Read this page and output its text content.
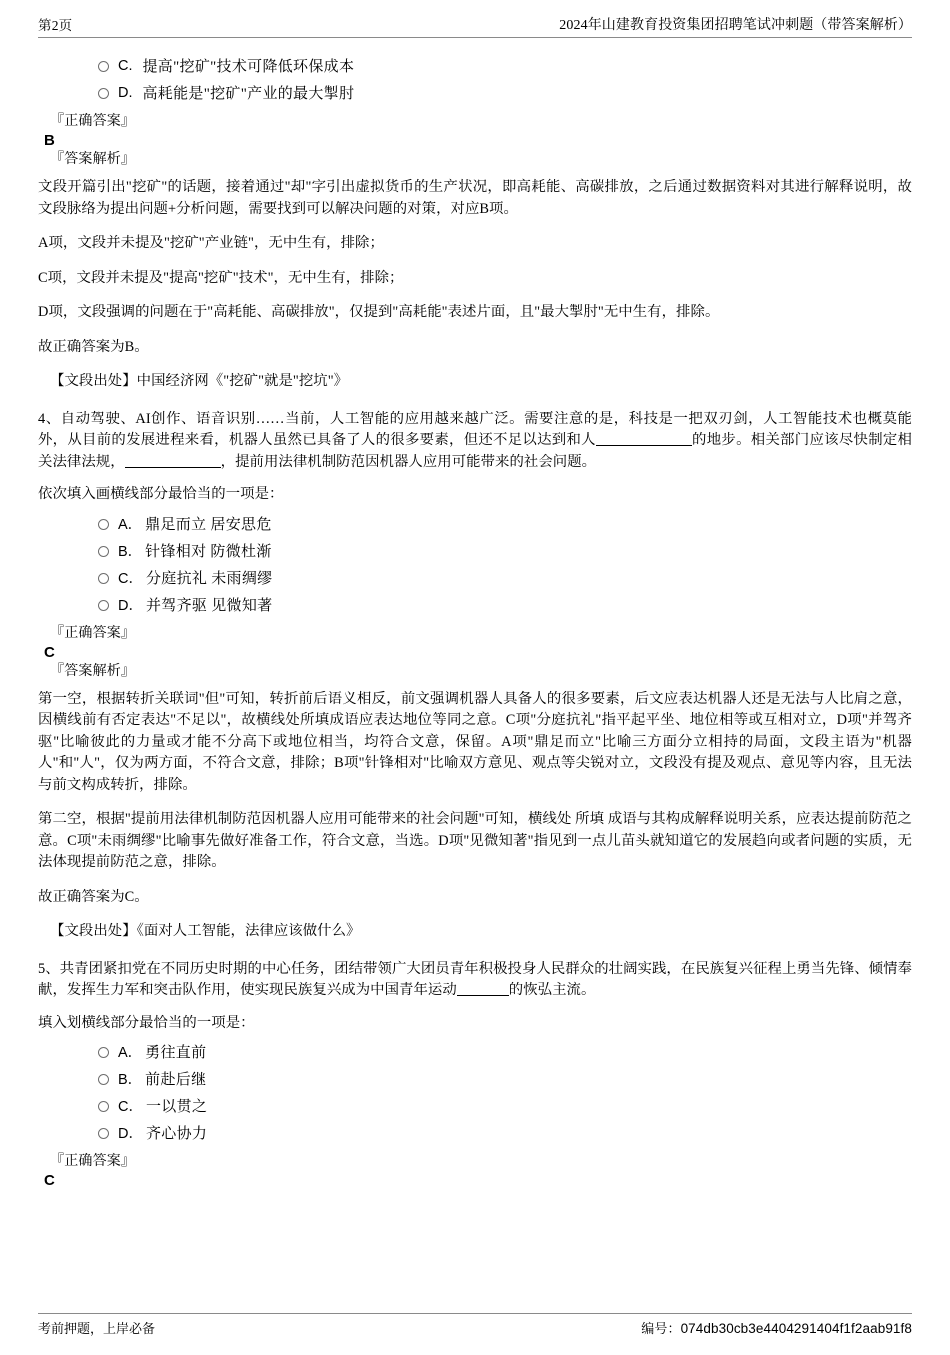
第2页	2024年山建教育投资集团招聘笔试冲刺题（带答案解析）
C. 提高"挖矿"技术可降低环保成本
D. 高耗能是"挖矿"产业的最大掣肘
『正确答案』
B
『答案解析』

文段开篇引出"挖矿"的话题，接着通过"却"字引出虚拟货币的生产状况，即高耗能、高碳排放，之后通过数据资料对其进行解释说明，故文段脉络为提出问题+分析问题，需要找到可以解决问题的对策，对应B项。

A项，文段并未提及"挖矿"产业链"，无中生有，排除；

C项，文段并未提及"提高"挖矿"技术"，无中生有，排除；

D项，文段强调的问题在于"高耗能、高碳排放"，仅提到"高耗能"表述片面，且"最大掣肘"无中生有，排除。

故正确答案为B。

【文段出处】中国经济网《"挖矿"就是"挖坑"》

4、自动驾驶、AI创作、语音识别……当前，人工智能的应用越来越广泛。需要注意的是，科技是一把双刃剑，人工智能技术也概莫能外，从目前的发展进程来看，机器人虽然已具备了人的很多要素，但还不足以达到和人	的地步。相关部门应该尽快制定相关法律法规，	，提前用法律机制防范因机器人应用可能带来的社会问题。

依次填入画横线部分最恰当的一项是：

A． 鼎足而立 居安思危
B． 针锋相对 防微杜渐
C． 分庭抗礼 未雨绸缪
D． 并驾齐驱 见微知著
『正确答案』
C
『答案解析』

第一空，根据转折关联词"但"可知，转折前后语义相反，前文强调机器人具备人的很多要素，后文应表达机器人还是无法与人比肩之意，因横线前有否定表达"不足以"，故横线处所填成语应表达地位等同之意。C项"分庭抗礼"指平起平坐、地位相等或互相对立，D项"并驾齐驱"比喻彼此的力量或才能不分高下或地位相当，均符合文意，保留。A项"鼎足而立"比喻三方面分立相持的局面，文段主语为"机器人"和"人"，仅为两方面，不符合文意，排除；B项"针锋相对"比喻双方意见、观点等尖锐对立，文段没有提及观点、意见等内容，且无法与前文构成转折，排除。

第二空，根据"提前用法律机制防范因机器人应用可能带来的社会问题"可知，横线处 所填 成语与其构成解释说明关系，应表达提前防范之意。C项"未雨绸缪"比喻事先做好准备工作，符合文意，当选。D项"见微知著"指见到一点儿苗头就知道它的发展趋向或者问题的实质，无法体现提前防范之意，排除。

故正确答案为C。

【文段出处】《面对人工智能，法律应该做什么》

5、共青团紧扣党在不同历史时期的中心任务，团结带领广大团员青年积极投身人民群众的壮阔实践，在民族复兴征程上勇当先锋、倾情奉献，发挥生力军和突击队作用，使实现民族复兴成为中国青年运动	的恢弘主流。

填入划横线部分最恰当的一项是：

A． 勇往直前
B． 前赴后继
C． 一以贯之
D． 齐心协力
『正确答案』
C
考前押题，上岸必备	编号：074db30cb3e4404291404f1f2aab91f8
